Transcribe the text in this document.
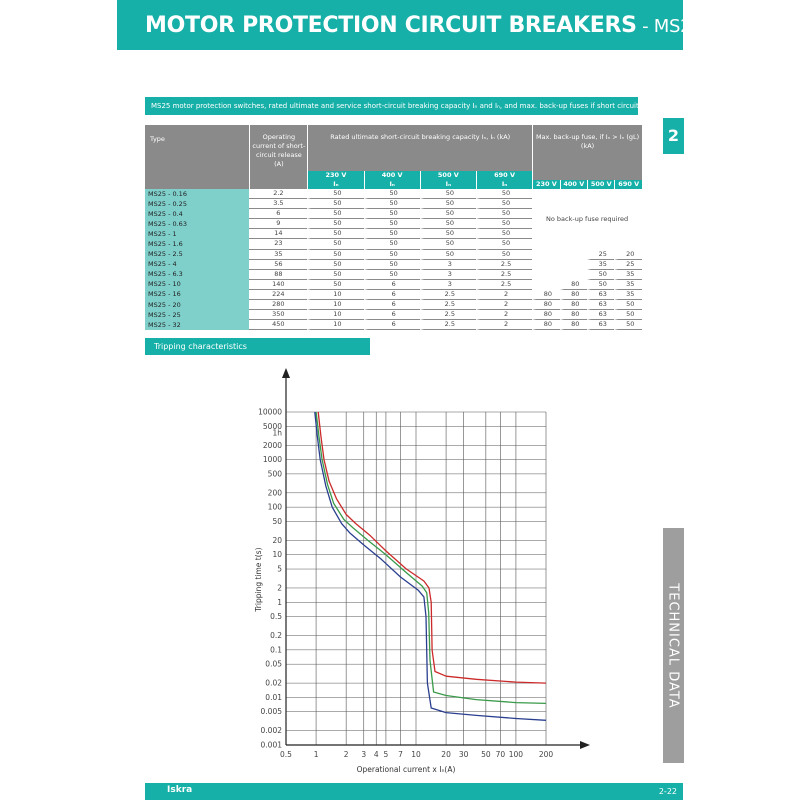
MOTOR PROTECTION CIRCUIT BREAKERS - MS25
MS25 motor protection switches, rated ultimate and service short-circuit breaking capacity Iₙ and Iₙ, and max. back-up fuses if short circuit current Iₙ exceeds Iₙ
2
TECHNICAL DATA
Type	Operating current of short-circuit release (A)	Rated ultimate short-circuit breaking capacity Iₙ, Iₙ (kA)				Max. back-up fuse, if Iₙ > Iₙ (gL) (kA)			
		230 V	400 V	500 V	690 V				
		Iₙ	Iₙ	Iₙ	Iₙ	230 V	400 V	500 V	690 V
MS25 - 0.16	2.2	50	50	50	50	No back-up fuse required			
MS25 - 0.25	3.5	50	50	50	50				
MS25 - 0.4	6	50	50	50	50				
MS25 - 0.63	9	50	50	50	50				
MS25 - 1	14	50	50	50	50				
MS25 - 1.6	23	50	50	50	50				
MS25 - 2.5	35	50	50	50	50			25	20
MS25 - 4	56	50	50	3	2.5			35	25
MS25 - 6.3	88	50	50	3	2.5			50	35
MS25 - 10	140	50	6	3	2.5		80	50	35
MS25 - 16	224	10	6	2.5	2	80	80	63	35
MS25 - 20	280	10	6	2.5	2	80	80	63	50
MS25 - 25	350	10	6	2.5	2	80	80	63	50
MS25 - 32	450	10	6	2.5	2	80	80	63	50
Tripping characteristics
0.5	1	2 3 4 5 7 10	20 30 50 70 100 200
0.001
0.002
0.005
0.01
0.02
0.05
0.1
0.2
0.5
1
2
5
10
20
50
100
200
500
1000
2000
1h
5000
10000
Operational current x Iₙ(A)
Tripping time t(s)
Iskra	2-22
